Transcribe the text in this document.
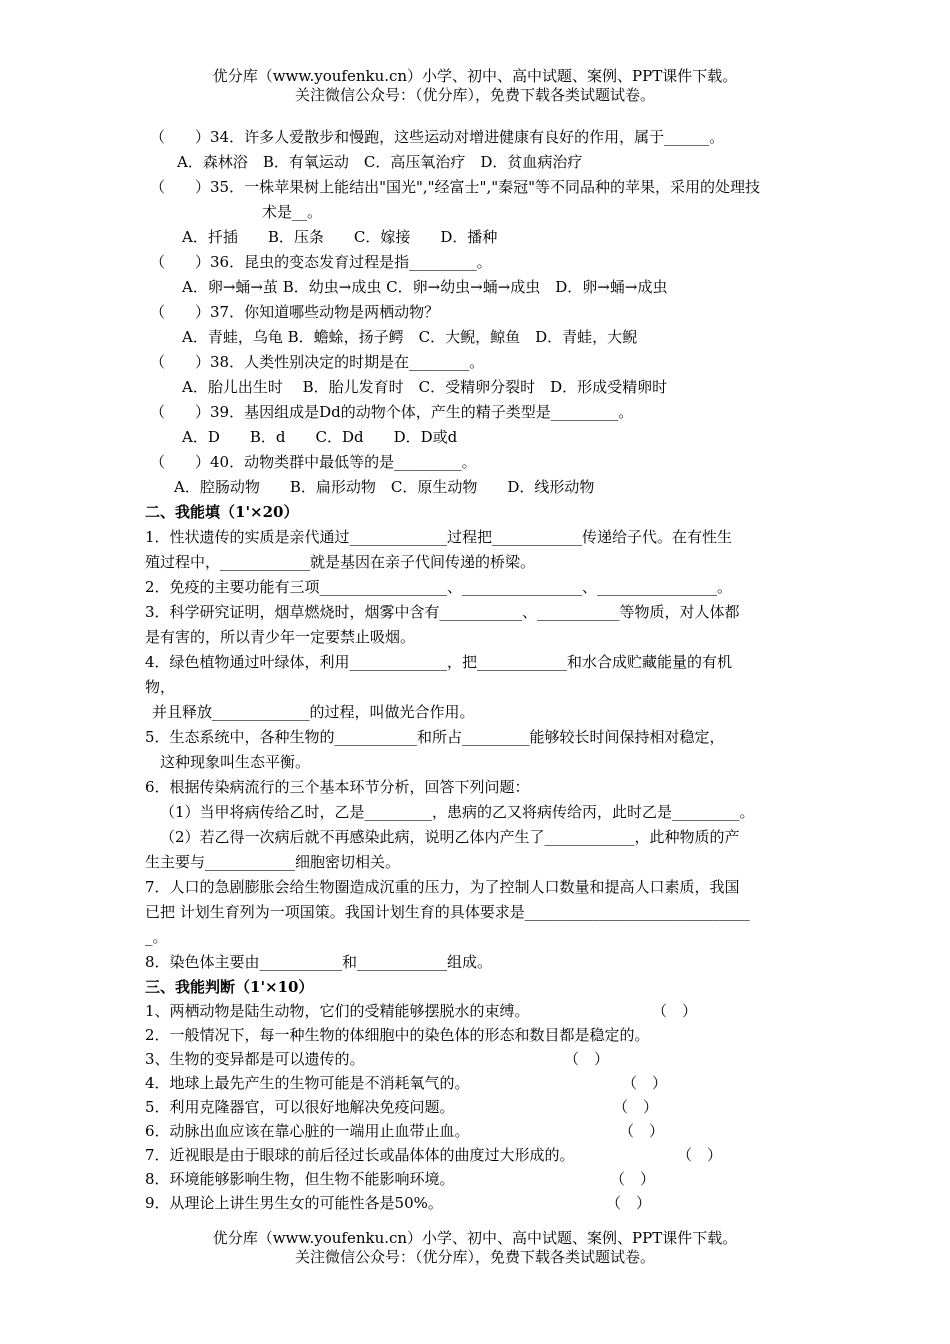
优分库（www.youfenku.cn）小学、初中、高中试题、案例、PPT课件下载。
关注微信公众号：（优分库），免费下载各类试题试卷。
（　　）34．许多人爱散步和慢跑，这些运动对增进健康有良好的作用，属于______。
A．森林浴　B．有氧运动　C．高压氧治疗　D．贫血病治疗
（　　）35．一株苹果树上能结出"国光","经富士","秦冠"等不同品种的苹果，采用的处理技
术是__。
A．扦插　　B．压条　　C．嫁接　　D．播种
（　　）36．昆虫的变态发育过程是指_________。
A．卵→蛹→茧 B．幼虫→成虫 C．卵→幼虫→蛹→成虫　D．卵→蛹→成虫
（　　）37．你知道哪些动物是两栖动物？
A．青蛙，乌龟 B．蟾蜍，扬子鳄　C．大鲵，鲸鱼　D．青蛙，大鲵
（　　）38．人类性别决定的时期是在________。
A．胎儿出生时　 B．胎儿发育时　C．受精卵分裂时　D．形成受精卵时
（　　）39．基因组成是Dd的动物个体，产生的精子类型是_________。
A．D　　B．d　　C．Dd　　D．D或d
（　　）40．动物类群中最低等的是_________。
A．腔肠动物　　B．扁形动物　C．原生动物　　D．线形动物
二、我能填（1'×20）
1．性状遗传的实质是亲代通过_____________过程把____________传递给子代。在有性生
殖过程中，____________就是基因在亲子代间传递的桥梁。
2．免疫的主要功能有三项_________________、________________、________________。
3．科学研究证明，烟草燃烧时，烟雾中含有___________、___________等物质，对人体都
是有害的，所以青少年一定要禁止吸烟。
4．绿色植物通过叶绿体，利用_____________，把____________和水合成贮藏能量的有机
物，
并且释放_____________的过程，叫做光合作用。
5．生态系统中，各种生物的___________和所占_________能够较长时间保持相对稳定，
这种现象叫生态平衡。
6．根据传染病流行的三个基本环节分析，回答下列问题：
（1）当甲将病传给乙时，乙是_________，患病的乙又将病传给丙，此时乙是_________。
（2）若乙得一次病后就不再感染此病，说明乙体内产生了____________，此种物质的产
生主要与____________细胞密切相关。
7．人口的急剧膨胀会给生物圈造成沉重的压力，为了控制人口数量和提高人口素质，我国
已把 计划生育列为一项国策。我国计划生育的具体要求是______________________________
_。
8．染色体主要由___________和____________组成。
三、我能判断（1'×10）
1、两栖动物是陆生动物，它们的受精能够摆脱水的束缚。	（　）
2．一般情况下，每一种生物的体细胞中的染色体的形态和数目都是稳定的。
3、生物的变异都是可以遗传的。	（　）
4．地球上最先产生的生物可能是不消耗氧气的。	（　）
5．利用克隆器官，可以很好地解决免疫问题。	（　）
6．动脉出血应该在靠心脏的一端用止血带止血。	（　）
7．近视眼是由于眼球的前后径过长或晶体体的曲度过大形成的。	（　）
8．环境能够影响生物，但生物不能影响环境。	（　）
9．从理论上讲生男生女的可能性各是50%。	（　）
优分库（www.youfenku.cn）小学、初中、高中试题、案例、PPT课件下载。
关注微信公众号：（优分库），免费下载各类试题试卷。
